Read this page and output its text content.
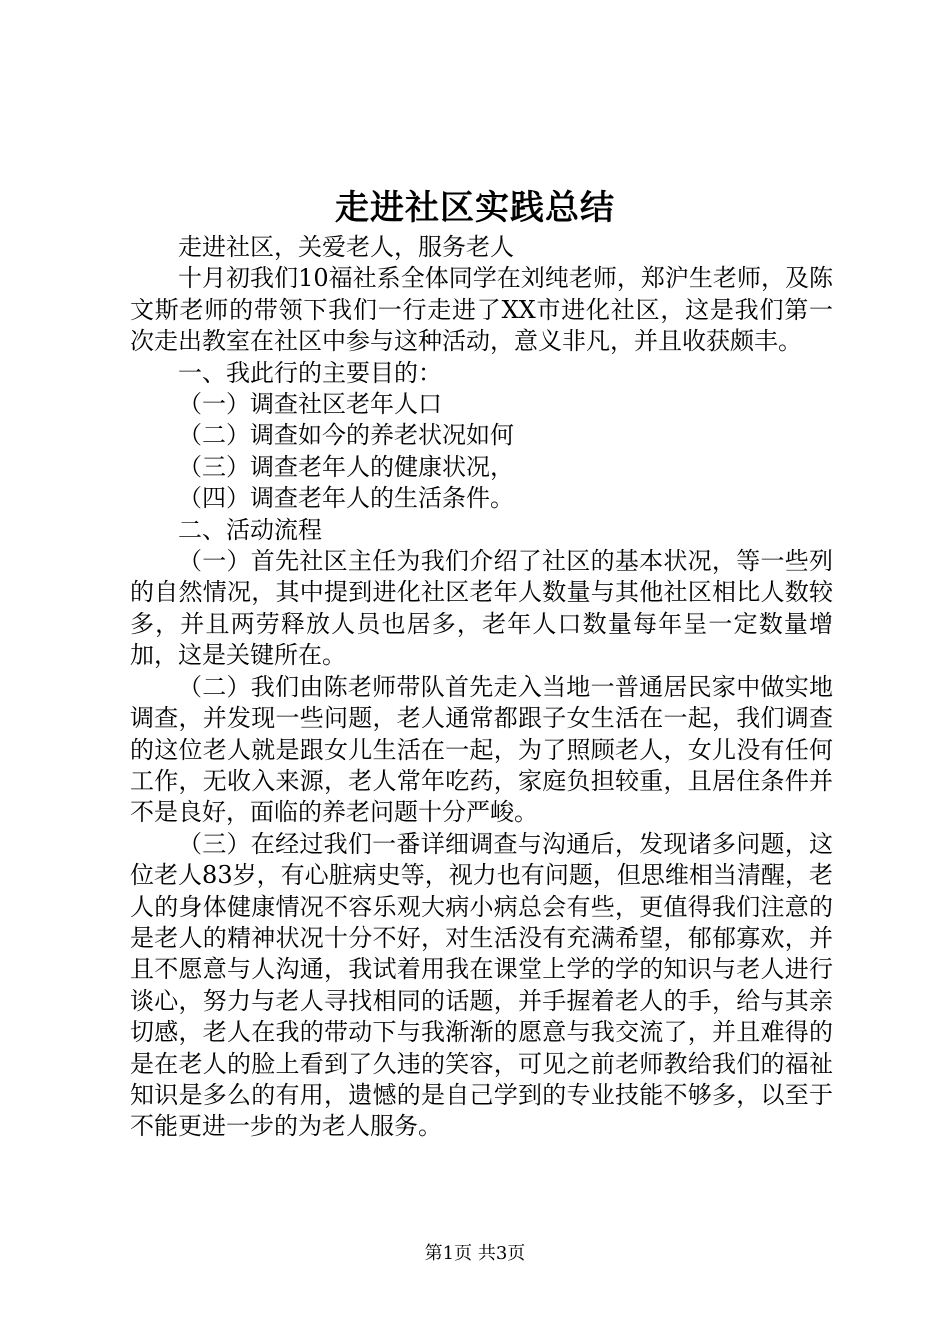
走进社区实践总结

走进社区，关爱老人，服务老人

十月初我们10福社系全体同学在刘纯老师，郑沪生老师，及陈文斯老师的带领下我们一行走进了XX市进化社区，这是我们第一次走出教室在社区中参与这种活动，意义非凡，并且收获颇丰。

一、我此行的主要目的：

（一）调查社区老年人口

（二）调查如今的养老状况如何

（三）调查老年人的健康状况，

（四）调查老年人的生活条件。

二、活动流程

（一）首先社区主任为我们介绍了社区的基本状况，等一些列的自然情况，其中提到进化社区老年人数量与其他社区相比人数较多，并且两劳释放人员也居多，老年人口数量每年呈一定数量增加，这是关键所在。

（二）我们由陈老师带队首先走入当地一普通居民家中做实地调查，并发现一些问题，老人通常都跟子女生活在一起，我们调查的这位老人就是跟女儿生活在一起，为了照顾老人，女儿没有任何工作，无收入来源，老人常年吃药，家庭负担较重，且居住条件并不是良好，面临的养老问题十分严峻。

（三）在经过我们一番详细调查与沟通后，发现诸多问题，这位老人83岁，有心脏病史等，视力也有问题，但思维相当清醒，老人的身体健康情况不容乐观大病小病总会有些，更值得我们注意的是老人的精神状况十分不好，对生活没有充满希望，郁郁寡欢，并且不愿意与人沟通，我试着用我在课堂上学的学的知识与老人进行谈心，努力与老人寻找相同的话题，并手握着老人的手，给与其亲切感，老人在我的带动下与我渐渐的愿意与我交流了，并且难得的是在老人的脸上看到了久违的笑容，可见之前老师教给我们的福祉知识是多么的有用，遗憾的是自己学到的专业技能不够多，以至于不能更进一步的为老人服务。

第1页 共3页
